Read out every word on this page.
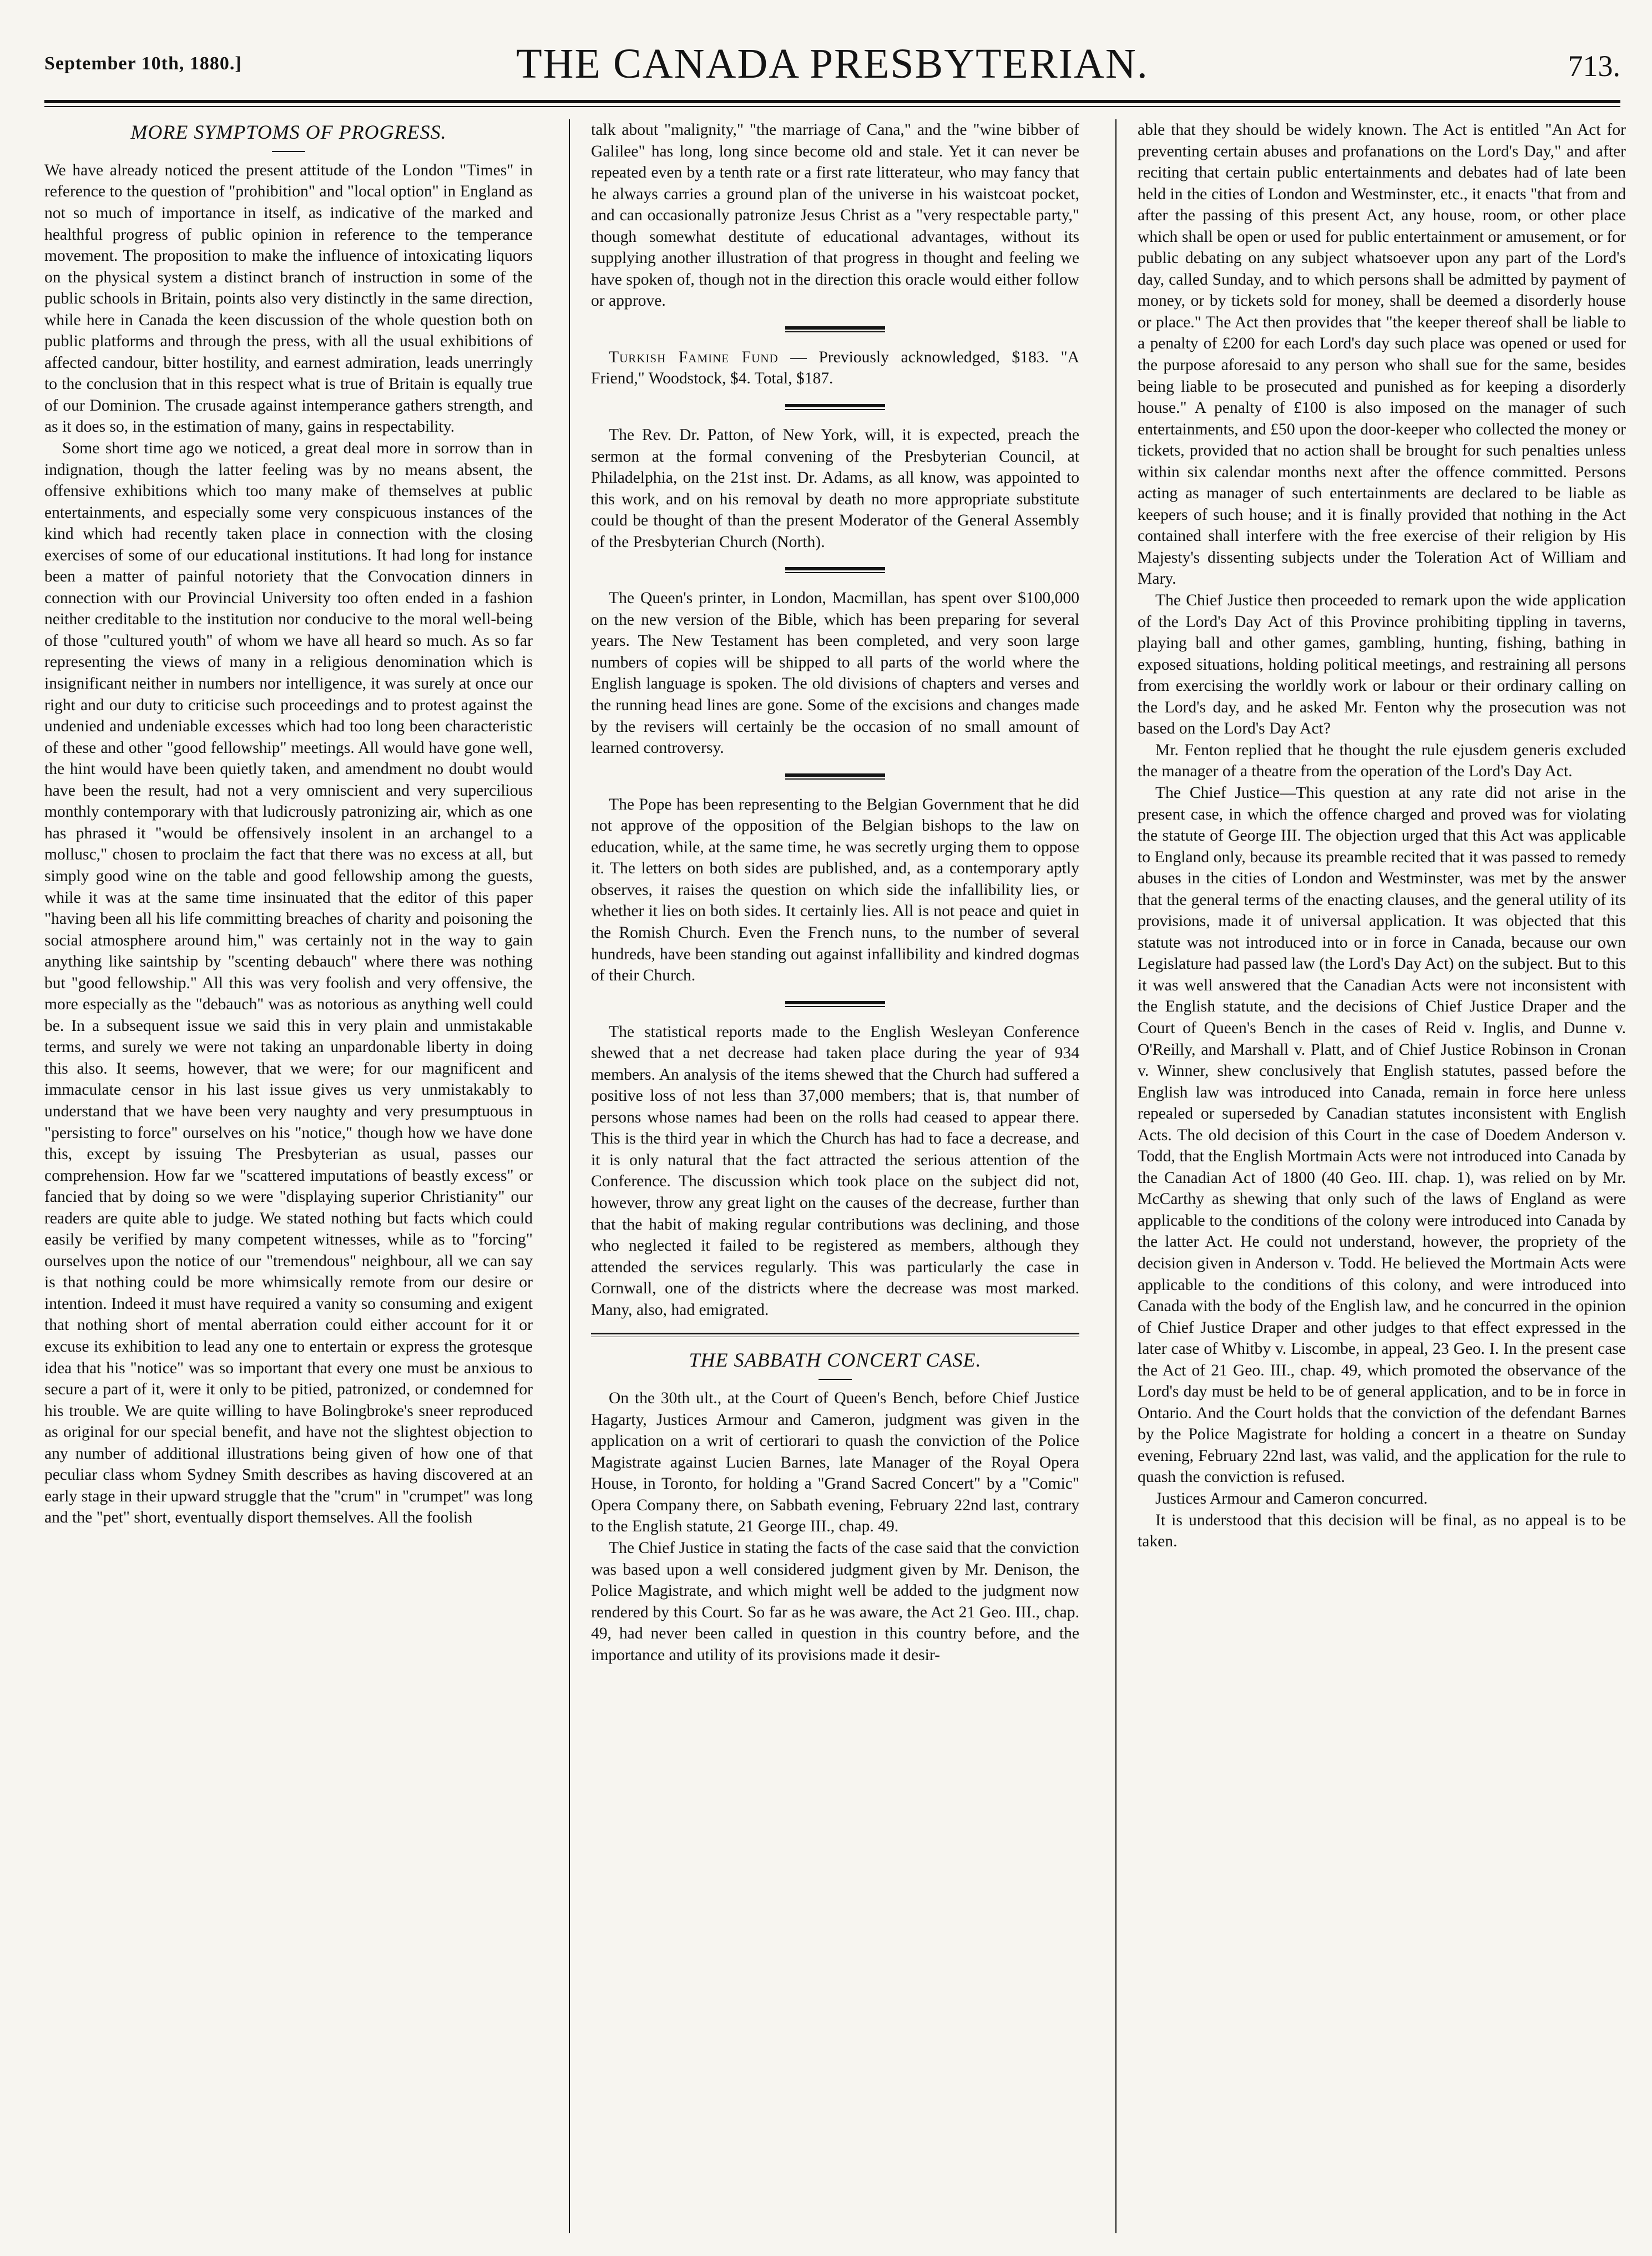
September 10th, 1880.]	THE CANADA PRESBYTERIAN.	713.
MORE SYMPTOMS OF PROGRESS.

We have already noticed the present attitude of the London "Times" in reference to the question of "prohibition" and "local option" in England as not so much of importance in itself, as indicative of the marked and healthful progress of public opinion in reference to the temperance movement. The proposition to make the influence of intoxicating liquors on the physical system a distinct branch of instruction in some of the public schools in Britain, points also very distinctly in the same direction, while here in Canada the keen discussion of the whole question both on public platforms and through the press, with all the usual exhibitions of affected candour, bitter hostility, and earnest admiration, leads unerringly to the conclusion that in this respect what is true of Britain is equally true of our Dominion. The crusade against intemperance gathers strength, and as it does so, in the estimation of many, gains in respectability.

Some short time ago we noticed, a great deal more in sorrow than in indignation, though the latter feeling was by no means absent, the offensive exhibitions which too many make of themselves at public entertainments, and especially some very conspicuous instances of the kind which had recently taken place in connection with the closing exercises of some of our educational institutions. It had long for instance been a matter of painful notoriety that the Convocation dinners in connection with our Provincial University too often ended in a fashion neither creditable to the institution nor conducive to the moral well-being of those "cultured youth" of whom we have all heard so much. As so far representing the views of many in a religious denomination which is insignificant neither in numbers nor intelligence, it was surely at once our right and our duty to criticise such proceedings and to protest against the undenied and undeniable excesses which had too long been characteristic of these and other "good fellowship" meetings. All would have gone well, the hint would have been quietly taken, and amendment no doubt would have been the result, had not a very omniscient and very supercilious monthly contemporary with that ludicrously patronizing air, which as one has phrased it "would be offensively insolent in an archangel to a mollusc," chosen to proclaim the fact that there was no excess at all, but simply good wine on the table and good fellowship among the guests, while it was at the same time insinuated that the editor of this paper "having been all his life committing breaches of charity and poisoning the social atmosphere around him," was certainly not in the way to gain anything like saintship by "scenting debauch" where there was nothing but "good fellowship." All this was very foolish and very offensive, the more especially as the "debauch" was as notorious as anything well could be. In a subsequent issue we said this in very plain and unmistakable terms, and surely we were not taking an unpardonable liberty in doing this also. It seems, however, that we were; for our magnificent and immaculate censor in his last issue gives us very unmistakably to understand that we have been very naughty and very presumptuous in "persisting to force" ourselves on his "notice," though how we have done this, except by issuing The Presbyterian as usual, passes our comprehension. How far we "scattered imputations of beastly excess" or fancied that by doing so we were "displaying superior Christianity" our readers are quite able to judge. We stated nothing but facts which could easily be verified by many competent witnesses, while as to "forcing" ourselves upon the notice of our "tremendous" neighbour, all we can say is that nothing could be more whimsically remote from our desire or intention. Indeed it must have required a vanity so consuming and exigent that nothing short of mental aberration could either account for it or excuse its exhibition to lead any one to entertain or express the grotesque idea that his "notice" was so important that every one must be anxious to secure a part of it, were it only to be pitied, patronized, or condemned for his trouble. We are quite willing to have Bolingbroke's sneer reproduced as original for our special benefit, and have not the slightest objection to any number of additional illustrations being given of how one of that peculiar class whom Sydney Smith describes as having discovered at an early stage in their upward struggle that the "crum" in "crumpet" was long and the "pet" short, eventually disport themselves. All the foolish

talk about "malignity," "the marriage of Cana," and the "wine bibber of Galilee" has long, long since become old and stale. Yet it can never be repeated even by a tenth rate or a first rate litterateur, who may fancy that he always carries a ground plan of the universe in his waistcoat pocket, and can occasionally patronize Jesus Christ as a "very respectable party," though somewhat destitute of educational advantages, without its supplying another illustration of that progress in thought and feeling we have spoken of, though not in the direction this oracle would either follow or approve.

Turkish Famine Fund — Previously acknowledged, $183. "A Friend," Woodstock, $4. Total, $187.

The Rev. Dr. Patton, of New York, will, it is expected, preach the sermon at the formal convening of the Presbyterian Council, at Philadelphia, on the 21st inst. Dr. Adams, as all know, was appointed to this work, and on his removal by death no more appropriate substitute could be thought of than the present Moderator of the General Assembly of the Presbyterian Church (North).

The Queen's printer, in London, Macmillan, has spent over $100,000 on the new version of the Bible, which has been preparing for several years. The New Testament has been completed, and very soon large numbers of copies will be shipped to all parts of the world where the English language is spoken. The old divisions of chapters and verses and the running head lines are gone. Some of the excisions and changes made by the revisers will certainly be the occasion of no small amount of learned controversy.

The Pope has been representing to the Belgian Government that he did not approve of the opposition of the Belgian bishops to the law on education, while, at the same time, he was secretly urging them to oppose it. The letters on both sides are published, and, as a contemporary aptly observes, it raises the question on which side the infallibility lies, or whether it lies on both sides. It certainly lies. All is not peace and quiet in the Romish Church. Even the French nuns, to the number of several hundreds, have been standing out against infallibility and kindred dogmas of their Church.

The statistical reports made to the English Wesleyan Conference shewed that a net decrease had taken place during the year of 934 members. An analysis of the items shewed that the Church had suffered a positive loss of not less than 37,000 members; that is, that number of persons whose names had been on the rolls had ceased to appear there. This is the third year in which the Church has had to face a decrease, and it is only natural that the fact attracted the serious attention of the Conference. The discussion which took place on the subject did not, however, throw any great light on the causes of the decrease, further than that the habit of making regular contributions was declining, and those who neglected it failed to be registered as members, although they attended the services regularly. This was particularly the case in Cornwall, one of the districts where the decrease was most marked. Many, also, had emigrated.

THE SABBATH CONCERT CASE.

On the 30th ult., at the Court of Queen's Bench, before Chief Justice Hagarty, Justices Armour and Cameron, judgment was given in the application on a writ of certiorari to quash the conviction of the Police Magistrate against Lucien Barnes, late Manager of the Royal Opera House, in Toronto, for holding a "Grand Sacred Concert" by a "Comic" Opera Company there, on Sabbath evening, February 22nd last, contrary to the English statute, 21 George III., chap. 49.

The Chief Justice in stating the facts of the case said that the conviction was based upon a well considered judgment given by Mr. Denison, the Police Magistrate, and which might well be added to the judgment now rendered by this Court. So far as he was aware, the Act 21 Geo. III., chap. 49, had never been called in question in this country before, and the importance and utility of its provisions made it desir-

able that they should be widely known. The Act is entitled "An Act for preventing certain abuses and profanations on the Lord's Day," and after reciting that certain public entertainments and debates had of late been held in the cities of London and Westminster, etc., it enacts "that from and after the passing of this present Act, any house, room, or other place which shall be open or used for public entertainment or amusement, or for public debating on any subject whatsoever upon any part of the Lord's day, called Sunday, and to which persons shall be admitted by payment of money, or by tickets sold for money, shall be deemed a disorderly house or place." The Act then provides that "the keeper thereof shall be liable to a penalty of £200 for each Lord's day such place was opened or used for the purpose aforesaid to any person who shall sue for the same, besides being liable to be prosecuted and punished as for keeping a disorderly house." A penalty of £100 is also imposed on the manager of such entertainments, and £50 upon the door-keeper who collected the money or tickets, provided that no action shall be brought for such penalties unless within six calendar months next after the offence committed. Persons acting as manager of such entertainments are declared to be liable as keepers of such house; and it is finally provided that nothing in the Act contained shall interfere with the free exercise of their religion by His Majesty's dissenting subjects under the Toleration Act of William and Mary.

The Chief Justice then proceeded to remark upon the wide application of the Lord's Day Act of this Province prohibiting tippling in taverns, playing ball and other games, gambling, hunting, fishing, bathing in exposed situations, holding political meetings, and restraining all persons from exercising the worldly work or labour or their ordinary calling on the Lord's day, and he asked Mr. Fenton why the prosecution was not based on the Lord's Day Act?

Mr. Fenton replied that he thought the rule ejusdem generis excluded the manager of a theatre from the operation of the Lord's Day Act.

The Chief Justice—This question at any rate did not arise in the present case, in which the offence charged and proved was for violating the statute of George III. The objection urged that this Act was applicable to England only, because its preamble recited that it was passed to remedy abuses in the cities of London and Westminster, was met by the answer that the general terms of the enacting clauses, and the general utility of its provisions, made it of universal application. It was objected that this statute was not introduced into or in force in Canada, because our own Legislature had passed law (the Lord's Day Act) on the subject. But to this it was well answered that the Canadian Acts were not inconsistent with the English statute, and the decisions of Chief Justice Draper and the Court of Queen's Bench in the cases of Reid v. Inglis, and Dunne v. O'Reilly, and Marshall v. Platt, and of Chief Justice Robinson in Cronan v. Winner, shew conclusively that English statutes, passed before the English law was introduced into Canada, remain in force here unless repealed or superseded by Canadian statutes inconsistent with English Acts. The old decision of this Court in the case of Doedem Anderson v. Todd, that the English Mortmain Acts were not introduced into Canada by the Canadian Act of 1800 (40 Geo. III. chap. 1), was relied on by Mr. McCarthy as shewing that only such of the laws of England as were applicable to the conditions of the colony were introduced into Canada by the latter Act. He could not understand, however, the propriety of the decision given in Anderson v. Todd. He believed the Mortmain Acts were applicable to the conditions of this colony, and were introduced into Canada with the body of the English law, and he concurred in the opinion of Chief Justice Draper and other judges to that effect expressed in the later case of Whitby v. Liscombe, in appeal, 23 Geo. I. In the present case the Act of 21 Geo. III., chap. 49, which promoted the observance of the Lord's day must be held to be of general application, and to be in force in Ontario. And the Court holds that the conviction of the defendant Barnes by the Police Magistrate for holding a concert in a theatre on Sunday evening, February 22nd last, was valid, and the application for the rule to quash the conviction is refused.

Justices Armour and Cameron concurred.

It is understood that this decision will be final, as no appeal is to be taken.
